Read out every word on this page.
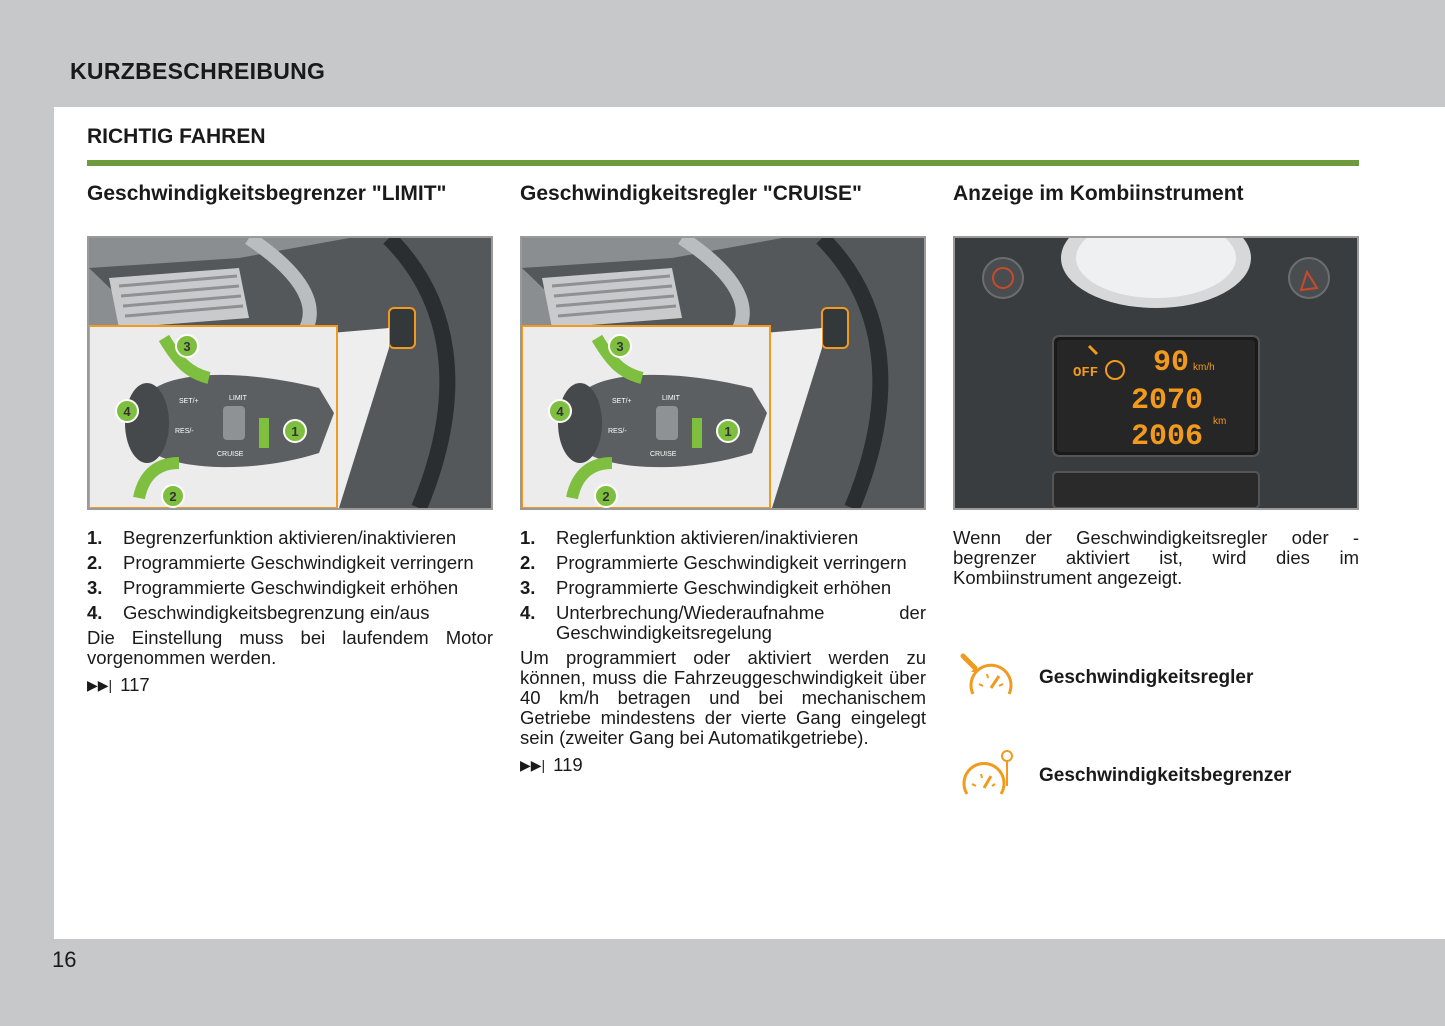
KURZBESCHREIBUNG
RICHTIG FAHREN
Geschwindigkeitsbegrenzer "LIMIT"
SET/+	LIMIT
RES/-
CRUISE
3
1
2
4
1.	Begrenzerfunktion aktivieren/inaktivieren
2.	Programmierte Geschwindigkeit verringern
3.	Programmierte Geschwindigkeit erhöhen
4.	Geschwindigkeitsbegrenzung ein/aus

Die Einstellung muss bei laufendem Motor vorgenommen werden.

▶▶| 117
Geschwindigkeitsregler "CRUISE"
SET/+	LIMIT
RES/-
CRUISE
3
1
2
4
1.	Reglerfunktion aktivieren/inaktivieren
2.	Programmierte Geschwindigkeit verringern
3.	Programmierte Geschwindigkeit erhöhen
4.	Unterbrechung/Wiederaufnahme der Geschwindigkeitsregelung

Um programmiert oder aktiviert werden zu können, muss die Fahrzeuggeschwindigkeit über 40 km/h betragen und bei mechanischem Getriebe mindestens der vierte Gang eingelegt sein (zweiter Gang bei Automatikgetriebe).

▶▶| 119
Anzeige im Kombiinstrument
OFF 90 km/h
2070
2006 km

Wenn der Geschwindigkeitsregler oder -begrenzer aktiviert ist, wird dies im Kombiinstrument angezeigt.

Geschwindigkeitsregler
Geschwindigkeitsbegrenzer
16
